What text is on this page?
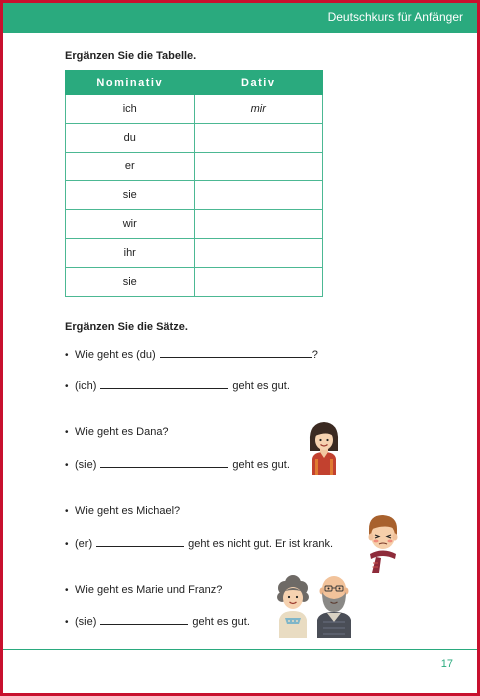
Deutschkurs für Anfänger
Ergänzen Sie die Tabelle.
Nominativ	Dativ
ich	mir
du	
er	
sie	
wir	
ihr	
sie	
Ergänzen Sie die Sätze.
• Wie geht es (du)	?
• (ich)	geht es gut.
• Wie geht es Dana?
• (sie)	geht es gut.
• Wie geht es Michael?
• (er)	geht es nicht gut. Er ist krank.
• Wie geht es Marie und Franz?
• (sie)	geht es gut.
17
